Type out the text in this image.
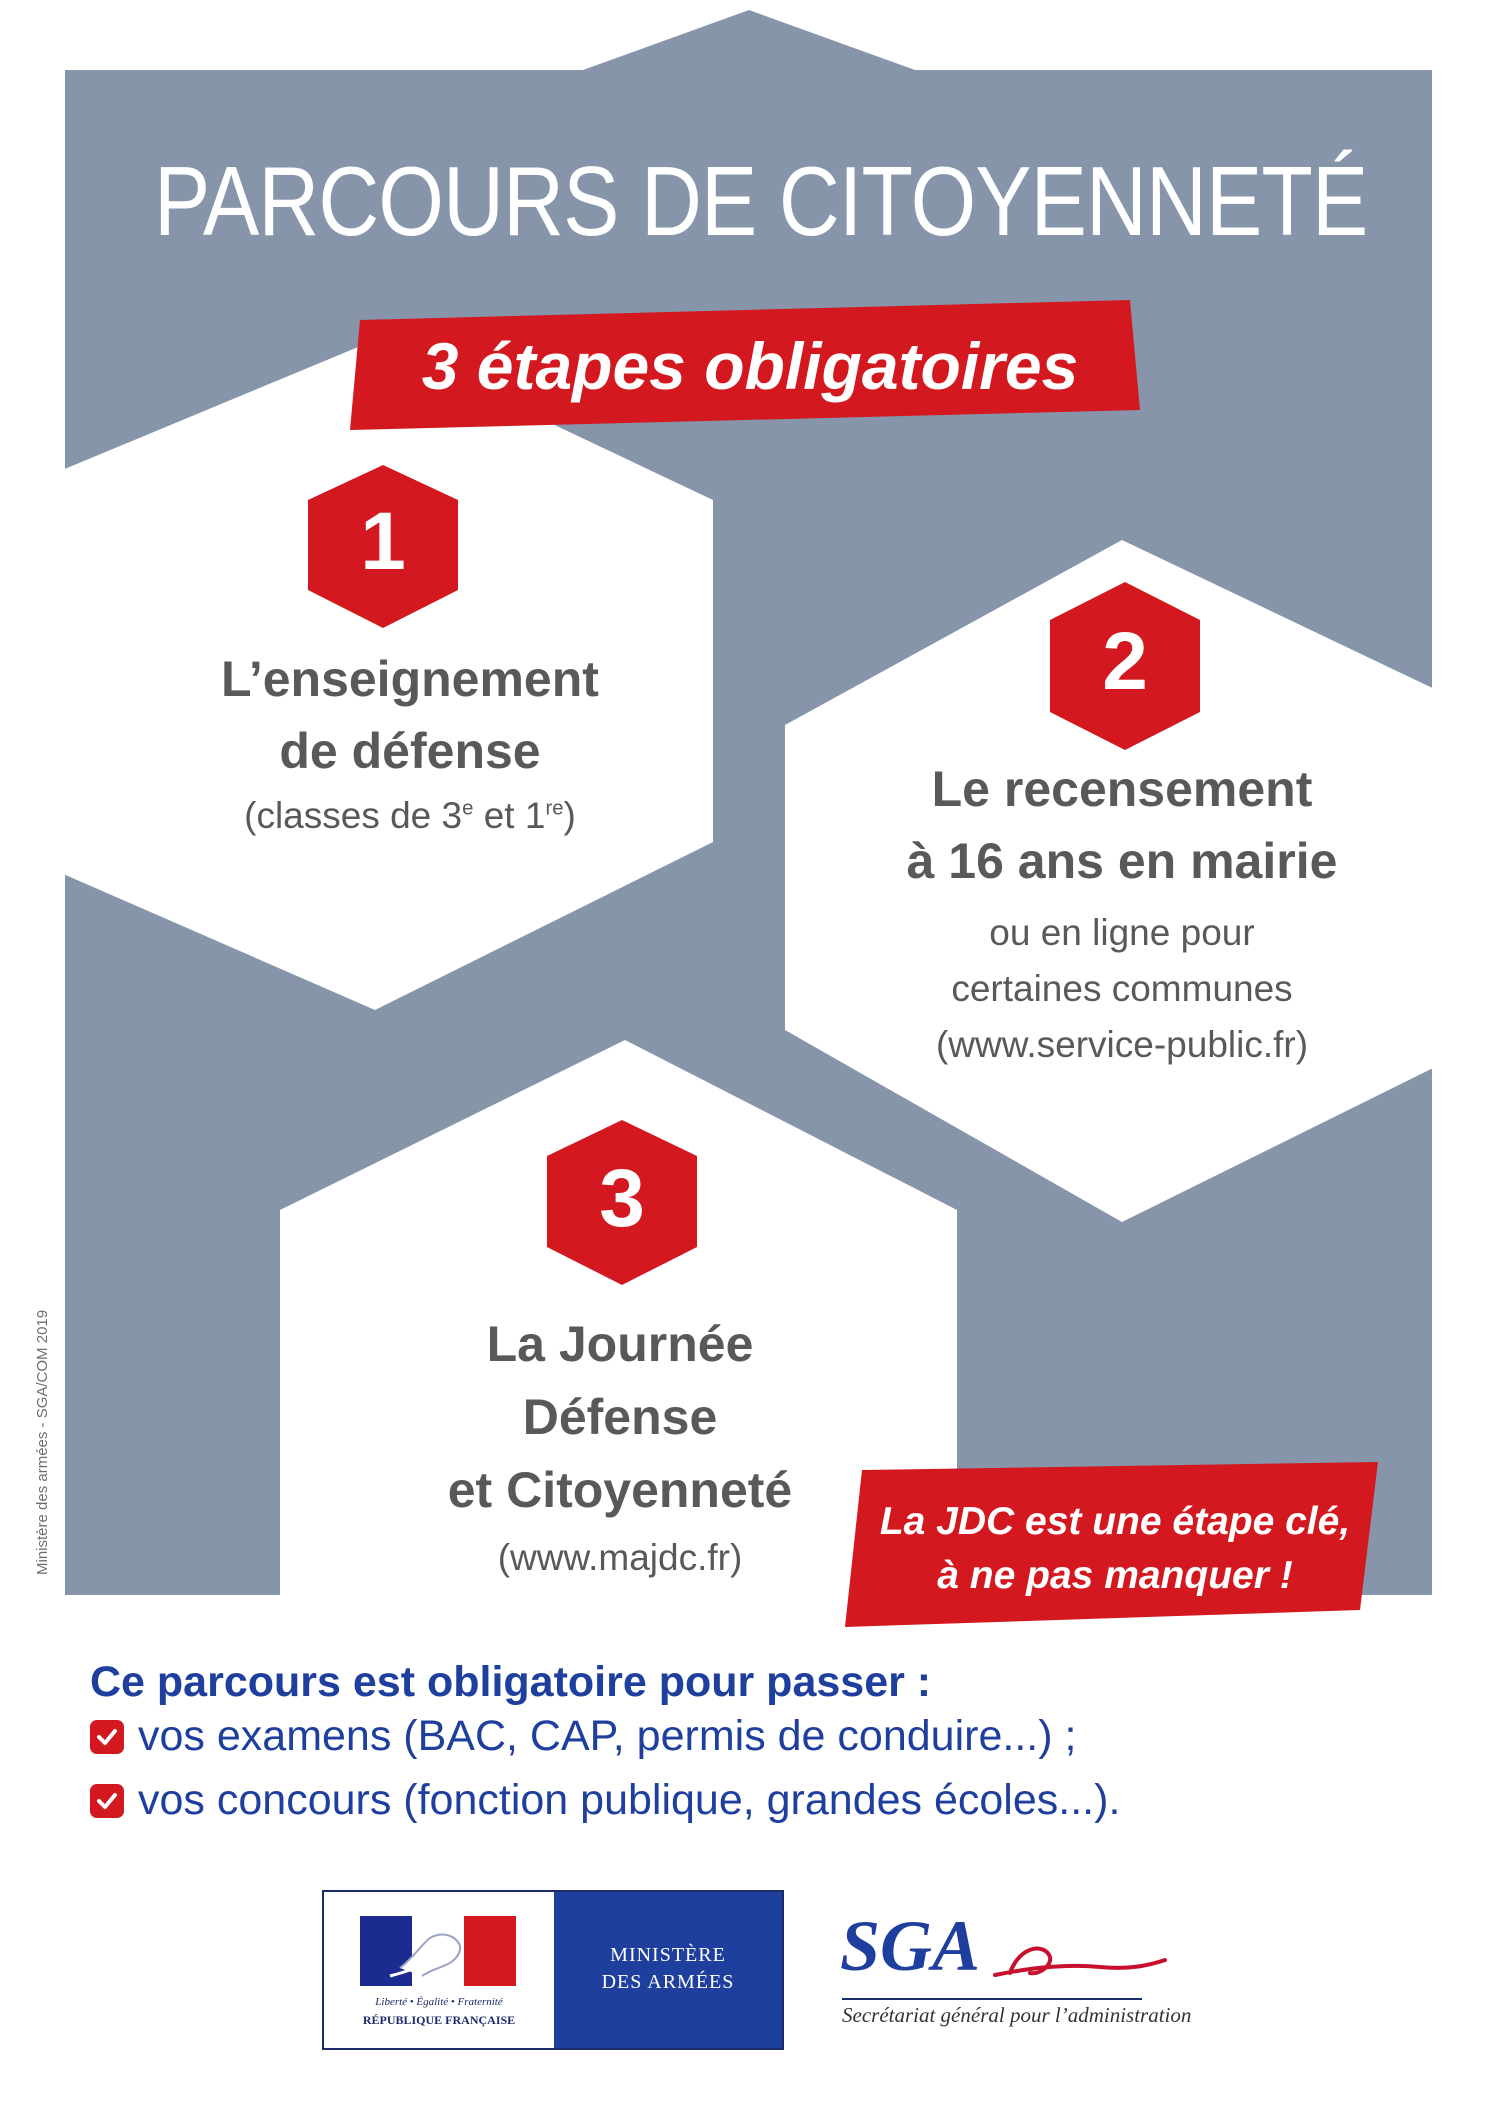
PARCOURS DE CITOYENNETÉ
3 étapes obligatoires
1
2
3
L’enseignement
de défense
(classes de 3e et 1re)	Le recensement
à 16 ans en mairie
ou en ligne pour
certaines communes
(www.service-public.fr)
La Journée
Défense
et Citoyenneté
(www.majdc.fr)
La JDC est une étape clé,
à ne pas manquer !
Ce parcours est obligatoire pour passer :
vos examens (BAC, CAP, permis de conduire...) ;
vos concours (fonction publique, grandes écoles...).
Ministère des armées - SGA/COM 2019
Liberté • Égalité • Fraternité
RÉPUBLIQUE FRANÇAISE
MINISTÈRE
DES ARMÉES	SGA
Secrétariat général pour l’administration
